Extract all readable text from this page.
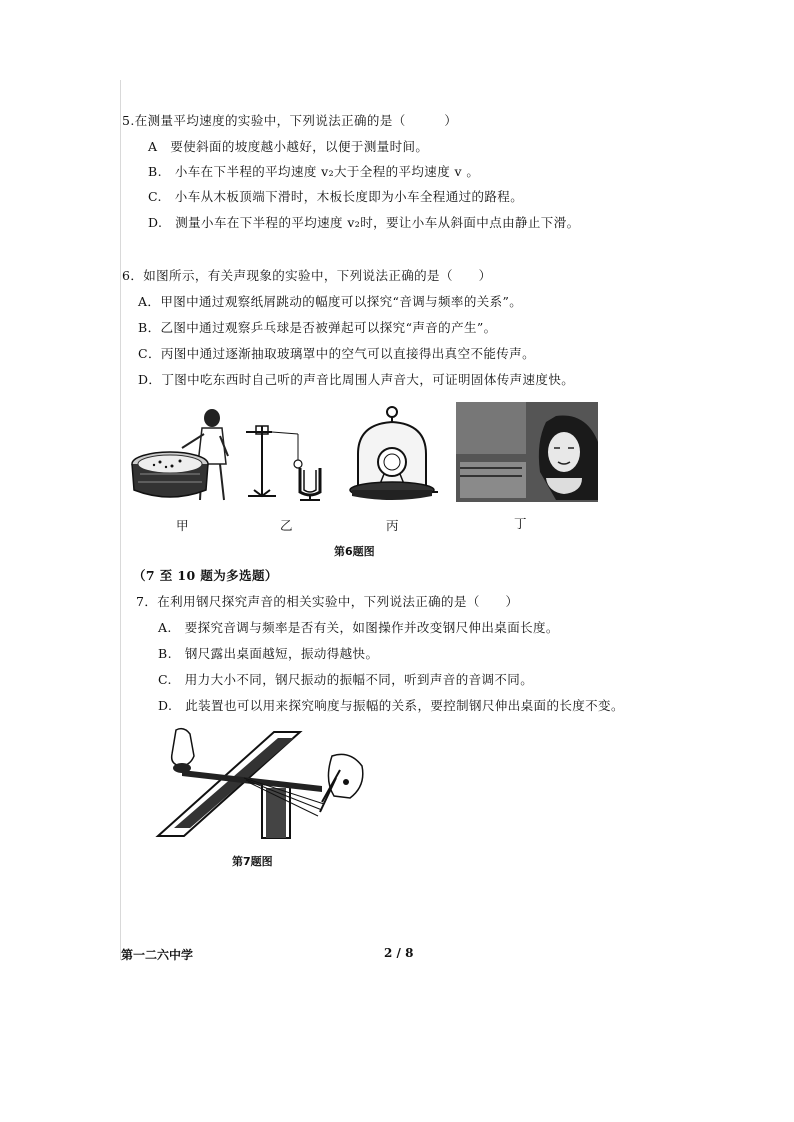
5.在测量平均速度的实验中，下列说法正确的是（　　　）
A　要使斜面的坡度越小越好，以便于测量时间。
B.　小车在下半程的平均速度 v₂大于全程的平均速度 v 。
C.　小车从木板顶端下滑时，木板长度即为小车全程通过的路程。
D.　测量小车在下半程的平均速度 v₂时，要让小车从斜面中点由静止下滑。
6．如图所示，有关声现象的实验中，下列说法正确的是（　　）
A．甲图中通过观察纸屑跳动的幅度可以探究“音调与频率的关系”。
B．乙图中通过观察乒乓球是否被弹起可以探究“声音的产生”。
C．丙图中通过逐渐抽取玻璃罩中的空气可以直接得出真空不能传声。
D．丁图中吃东西时自己听的声音比周围人声音大，可证明固体传声速度快。
甲	乙	丙	丁
第6题图
（7 至 10 题为多选题）
7．在利用钢尺探究声音的相关实验中，下列说法正确的是（　　）
A.　要探究音调与频率是否有关，如图操作并改变钢尺伸出桌面长度。
B.　钢尺露出桌面越短，振动得越快。
C.　用力大小不同，钢尺振动的振幅不同，听到声音的音调不同。
D.　此装置也可以用来探究响度与振幅的关系，要控制钢尺伸出桌面的长度不变。
第7题图
第一二六中学	2 / 8
